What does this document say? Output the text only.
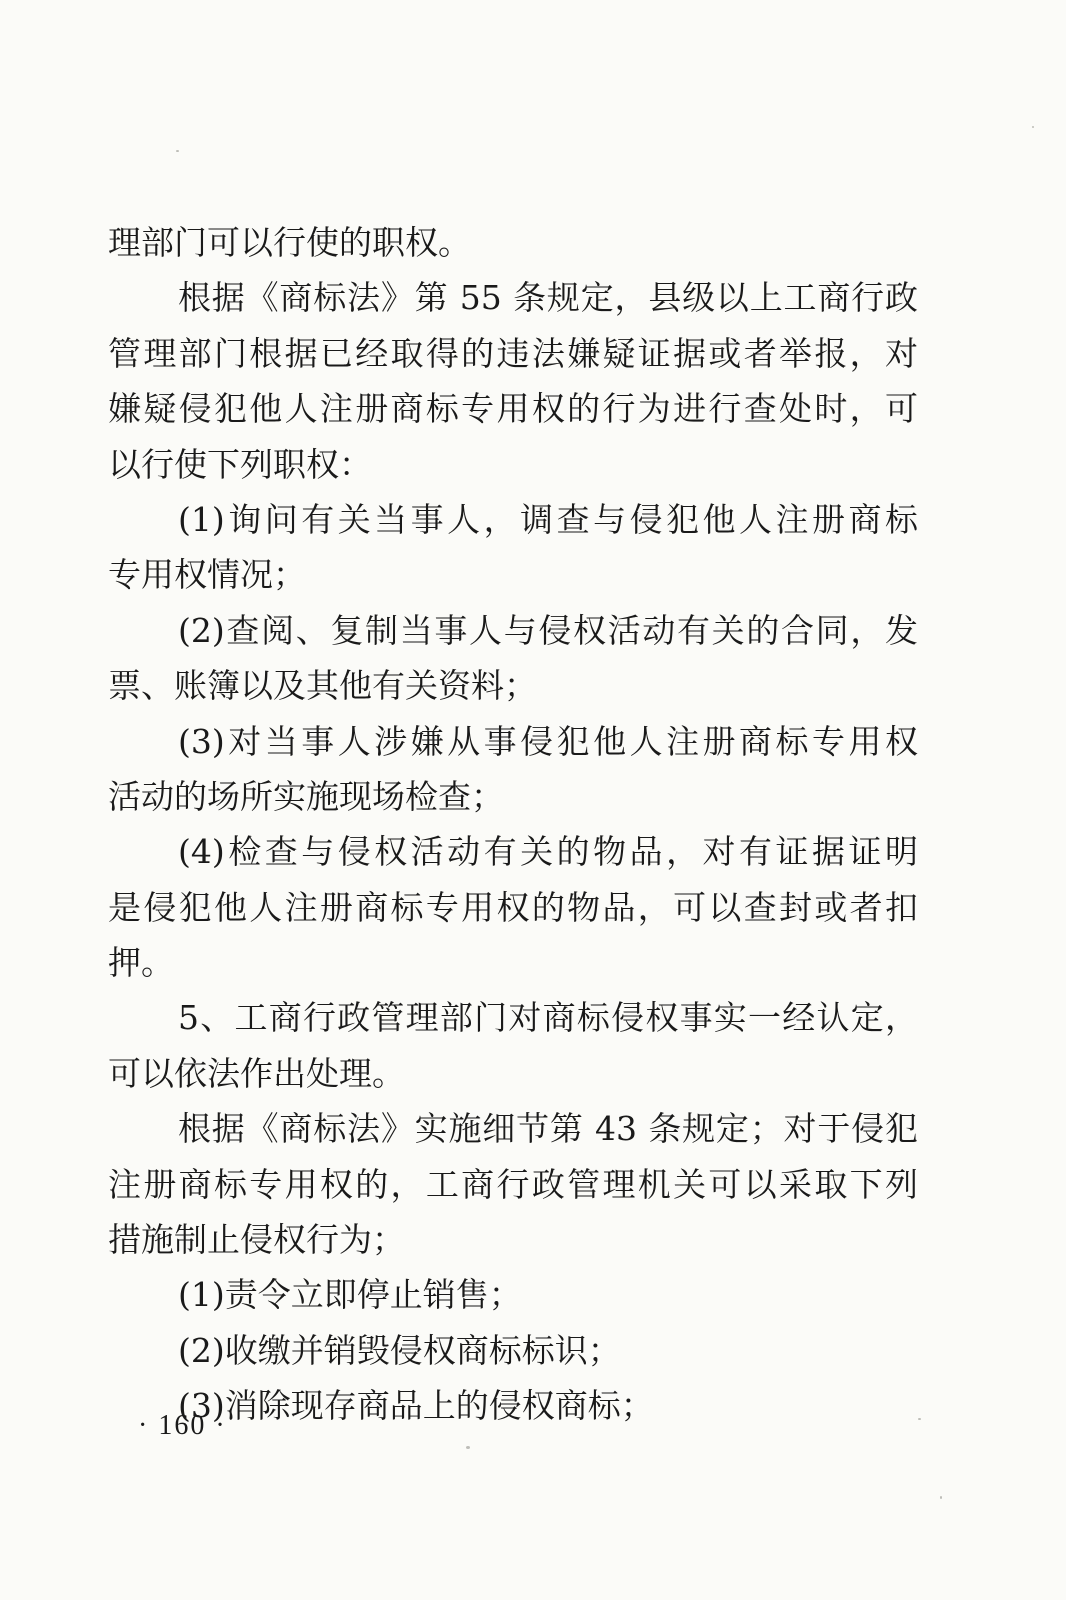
理部门可以行使的职权。
根据《商标法》第 55 条规定，县级以上工商行政
管理部门根据已经取得的违法嫌疑证据或者举报，对
嫌疑侵犯他人注册商标专用权的行为进行查处时，可
以行使下列职权：
(1)询问有关当事人，调查与侵犯他人注册商标
专用权情况；
(2)查阅、复制当事人与侵权活动有关的合同，发
票、账簿以及其他有关资料；
(3)对当事人涉嫌从事侵犯他人注册商标专用权
活动的场所实施现场检查；
(4)检查与侵权活动有关的物品，对有证据证明
是侵犯他人注册商标专用权的物品，可以查封或者扣
押。
5、工商行政管理部门对商标侵权事实一经认定，
可以依法作出处理。
根据《商标法》实施细节第 43 条规定；对于侵犯
注册商标专用权的，工商行政管理机关可以采取下列
措施制止侵权行为；
(1)责令立即停止销售；
(2)收缴并销毁侵权商标标识；
(3)消除现存商品上的侵权商标；
· 160 ·
